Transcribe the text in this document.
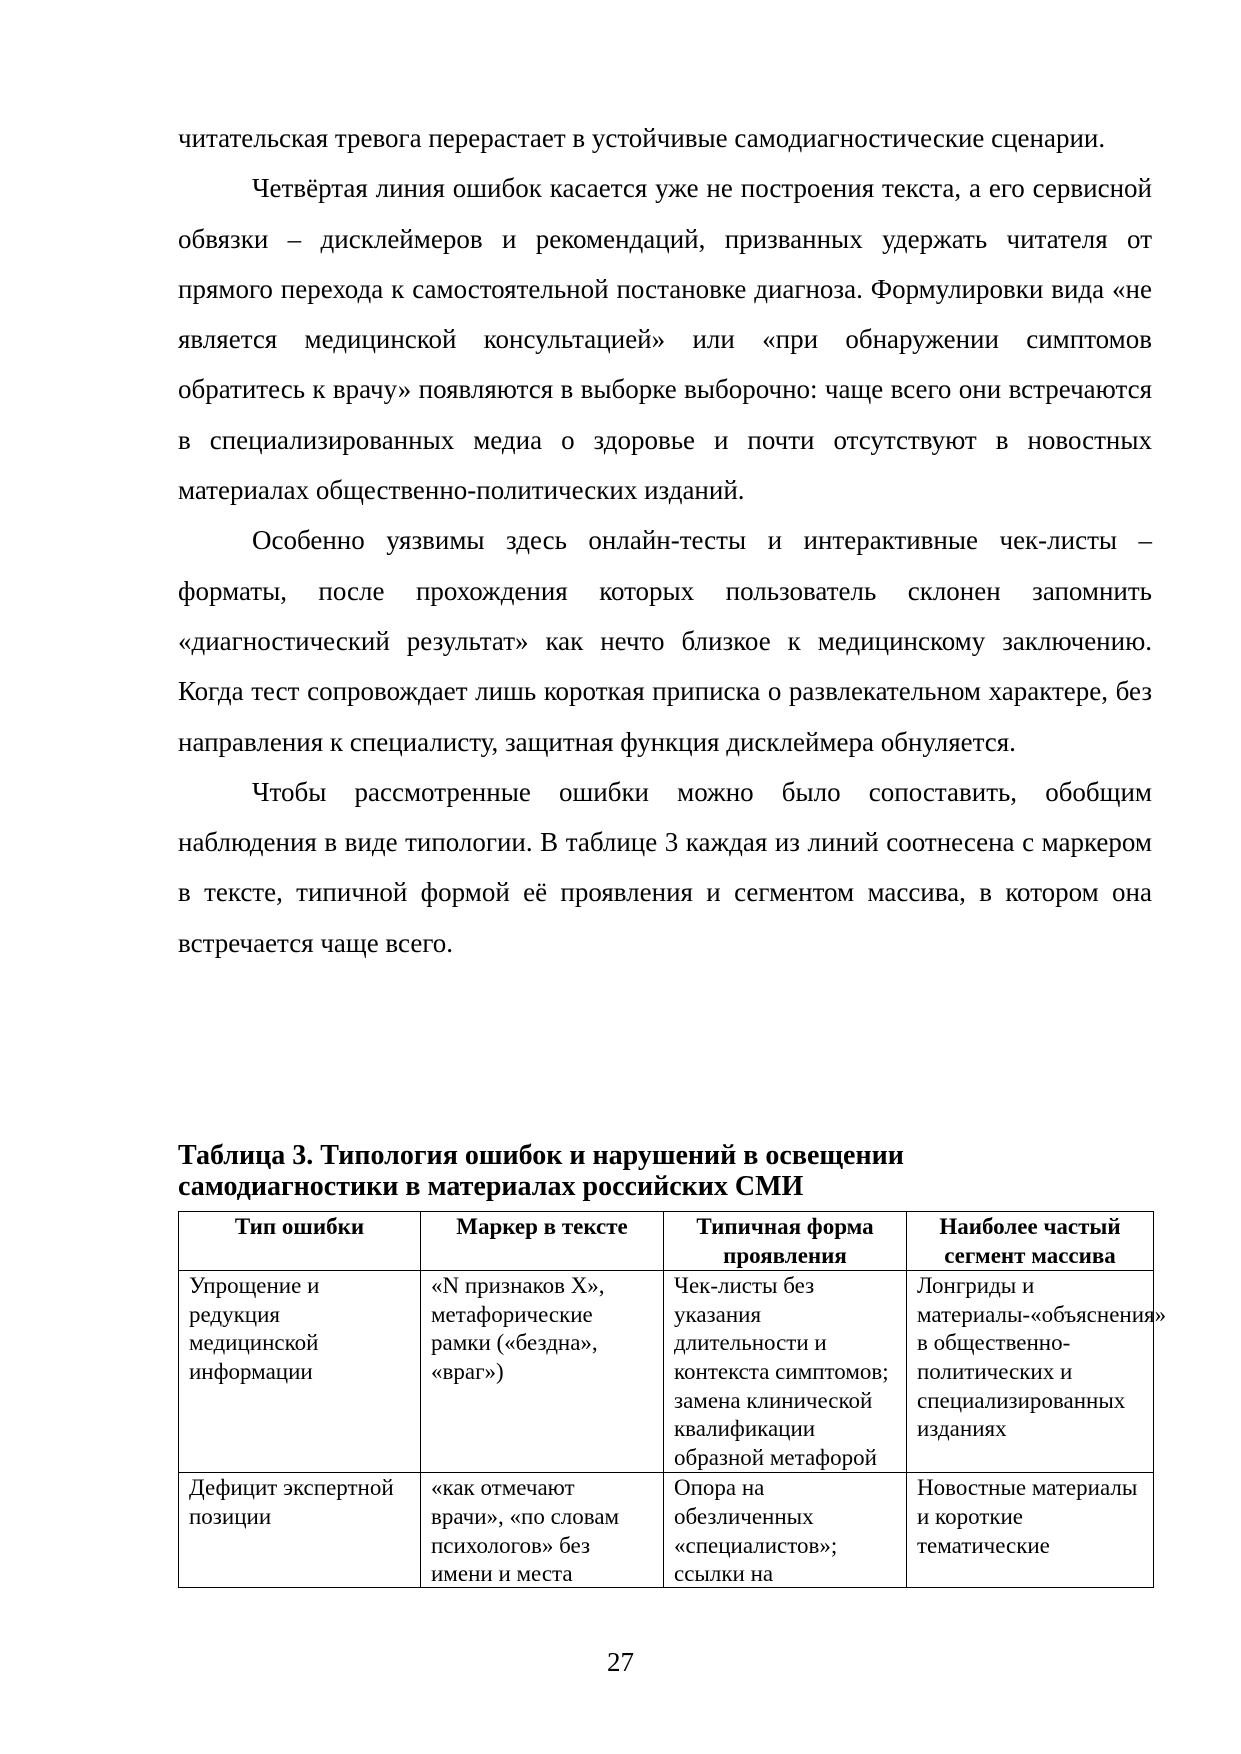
читательская тревога перерастает в устойчивые самодиагностические сценарии.

Четвёртая линия ошибок касается уже не построения текста, а его сервисной обвязки – дисклеймеров и рекомендаций, призванных удержать читателя от прямого перехода к самостоятельной постановке диагноза. Формулировки вида «не является медицинской консультацией» или «при обнаружении симптомов обратитесь к врачу» появляются в выборке выборочно: чаще всего они встречаются в специализированных медиа о здоровье и почти отсутствуют в новостных материалах общественно-политических изданий.

Особенно уязвимы здесь онлайн-тесты и интерактивные чек-листы – форматы, после прохождения которых пользователь склонен запомнить «диагностический результат» как нечто близкое к медицинскому заключению. Когда тест сопровождает лишь короткая приписка о развлекательном характере, без направления к специалисту, защитная функция дисклеймера обнуляется.

Чтобы рассмотренные ошибки можно было сопоставить, обобщим наблюдения в виде типологии. В таблице 3 каждая из линий соотнесена с маркером в тексте, типичной формой её проявления и сегментом массива, в котором она встречается чаще всего.

Таблица 3. Типология ошибок и нарушений в освещении
самодиагностики в материалах российских СМИ
Тип ошибки	Маркер в тексте	Типичная форма проявления	Наиболее частый сегмент массива
Упрощение и редукция медицинской информации	«N признаков X», метафорические рамки («бездна», «враг»)	Чек-листы без указания длительности и контекста симптомов; замена клинической квалификации образной метафорой	Лонгриды и материалы-«объяснения» в общественно-политических и специализированных изданиях

Дефицит экспертной позиции	«как отмечают врачи», «по словам психологов» без имени и места	Опора на обезличенных «специалистов»; ссылки на	Новостные материалы и короткие тематические
27
